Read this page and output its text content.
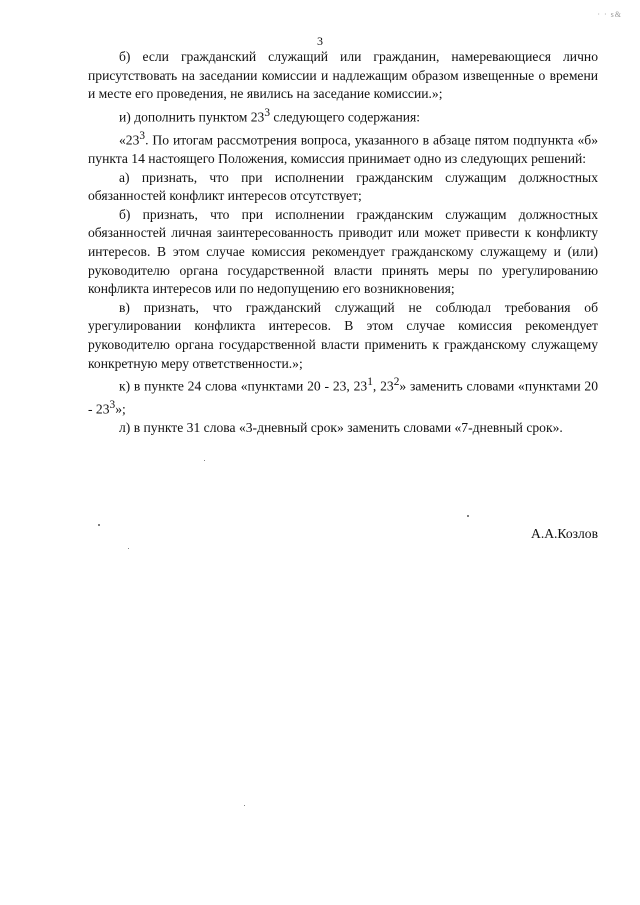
· · s&
3

б) если гражданский служащий или гражданин, намеревающиеся лично присутствовать на заседании комиссии и надлежащим образом извещенные о времени и месте его проведения, не явились на заседание комиссии.»;

и) дополнить пунктом $23^3$ следующего содержания:

«$23^3$. По итогам рассмотрения вопроса, указанного в абзаце пятом подпункта «б» пункта 14 настоящего Положения, комиссия принимает одно из следующих решений:

а) признать, что при исполнении гражданским служащим должностных обязанностей конфликт интересов отсутствует;

б) признать, что при исполнении гражданским служащим должностных обязанностей личная заинтересованность приводит или может привести к конфликту интересов. В этом случае комиссия рекомендует гражданскому служащему и (или) руководителю органа государственной власти принять меры по урегулированию конфликта интересов или по недопущению его возникновения;

в) признать, что гражданский служащий не соблюдал требования об урегулировании конфликта интересов. В этом случае комиссия рекомендует руководителю органа государственной власти применить к гражданскому служащему конкретную меру ответственности.»;

к) в пункте 24 слова «пунктами 20 - 23, $23^1$, $23^2$» заменить словами «пунктами $20 - 23^3$»;

л) в пункте 31 слова «3-дневный срок» заменить словами «7-дневный срок».

А.А.Козлов
